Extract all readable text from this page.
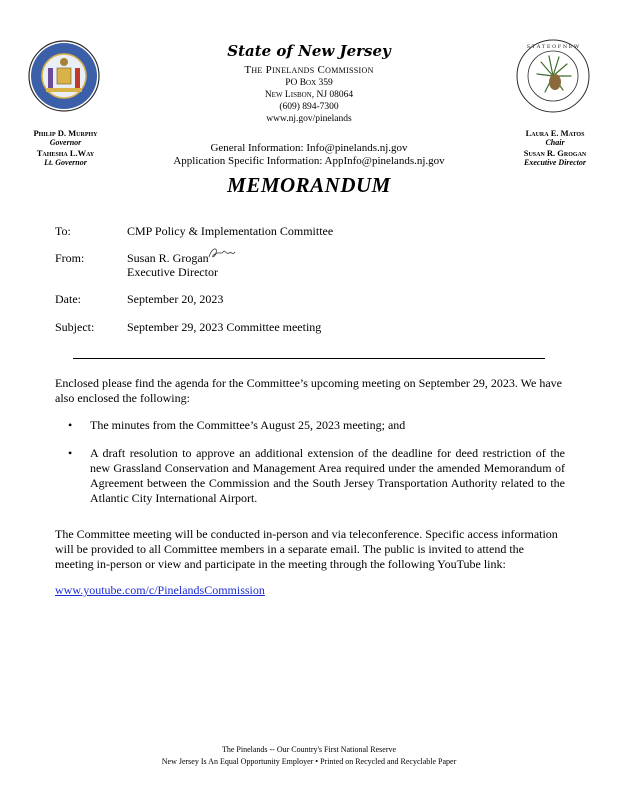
S T A T E O F N E W
State of New Jersey
The Pinelands Commission
PO Box 359
New Lisbon, NJ 08064
(609) 894-7300
www.nj.gov/pinelands
Philip D. Murphy
Governor
Tahesha L.Way
Lt. Governor
Laura E. Matos
Chair
Susan R. Grogan
Executive Director
General Information: Info@pinelands.nj.gov
Application Specific Information: AppInfo@pinelands.nj.gov
MEMORANDUM
To:	CMP Policy & Implementation Committee
From:	Susan R. Grogan
Executive Director
Date:	September 20, 2023
Subject:	September 29, 2023 Committee meeting
Enclosed please find the agenda for the Committee’s upcoming meeting on September 29, 2023. We have also enclosed the following:
• The minutes from the Committee’s August 25, 2023 meeting; and
• A draft resolution to approve an additional extension of the deadline for deed restriction of the new Grassland Conservation and Management Area required under the amended Memorandum of Agreement between the Commission and the South Jersey Transportation Authority related to the Atlantic City International Airport.
The Committee meeting will be conducted in-person and via teleconference. Specific access information will be provided to all Committee members in a separate email. The public is invited to attend the meeting in-person or view and participate in the meeting through the following YouTube link:
www.youtube.com/c/PinelandsCommission
The Pinelands -- Our Country's First National Reserve
New Jersey Is An Equal Opportunity Employer • Printed on Recycled and Recyclable Paper
